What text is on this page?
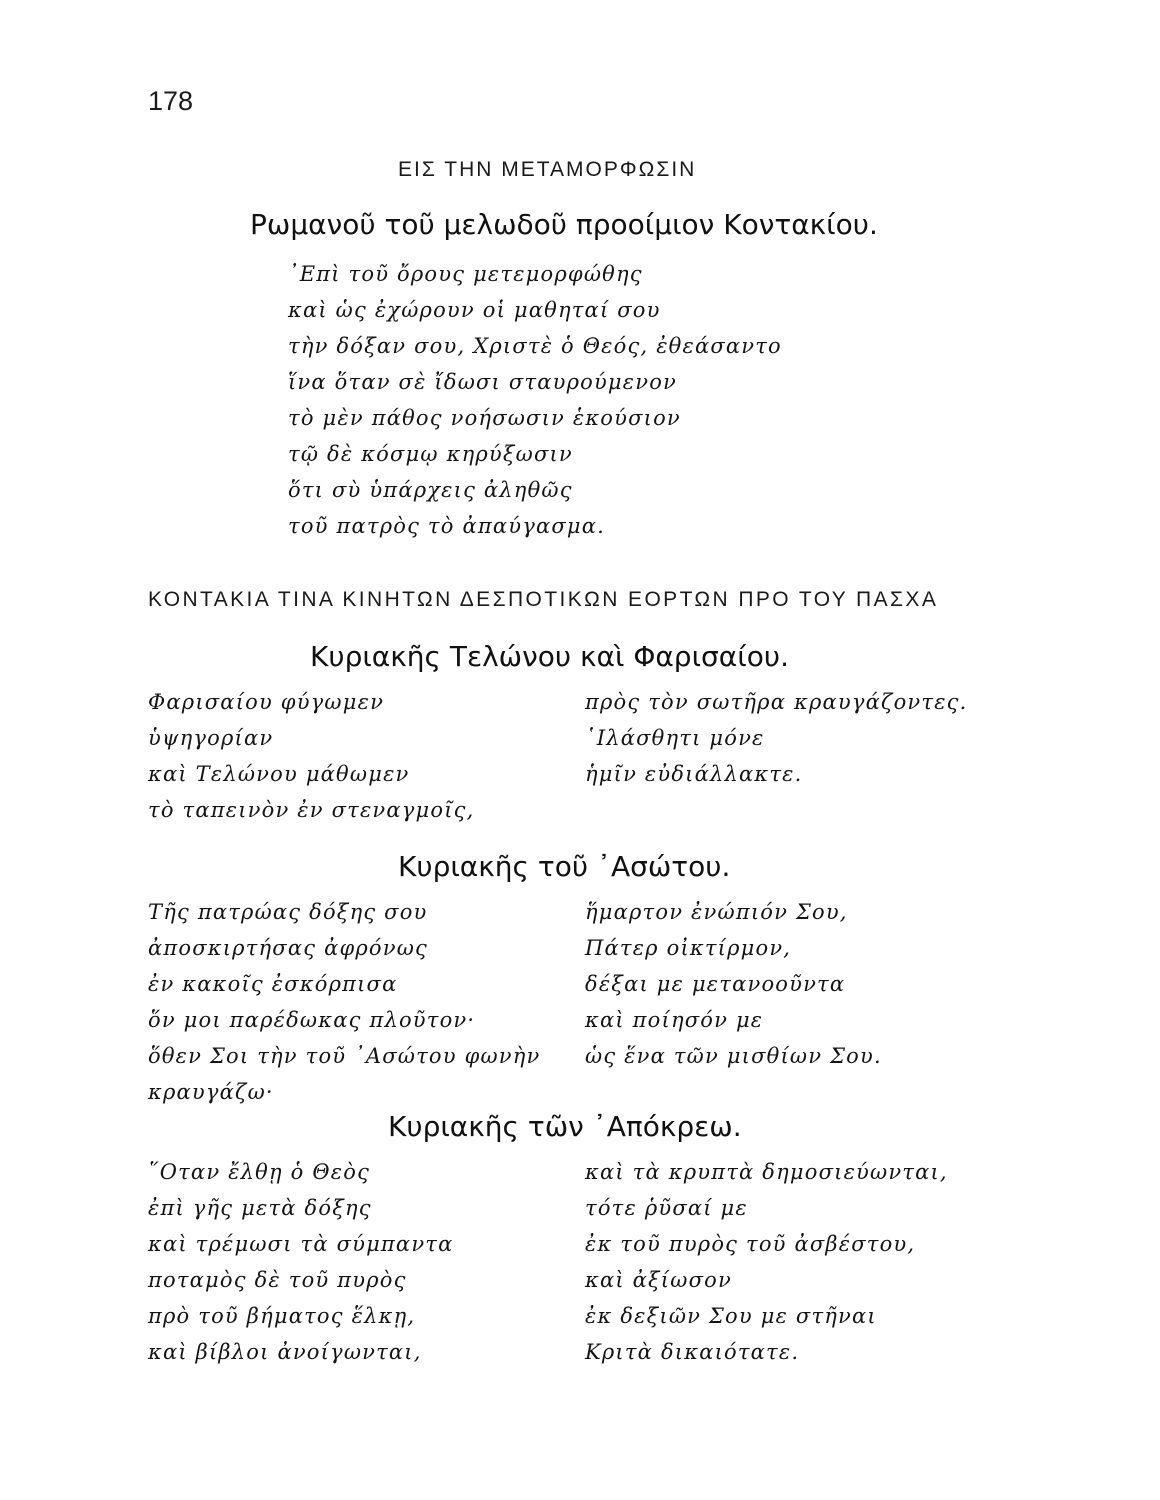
178
ΕΙΣ ΤΗΝ ΜΕΤΑΜΟΡΦΩΣΙΝ
Ρωμανοῦ τοῦ μελωδοῦ προοίμιον Κοντακίου.
᾿Επὶ τοῦ ὄρους μετεμορφώθης
καὶ ὡς ἐχώρουν οἱ μαθηταί σου
τὴν δόξαν σου, Χριστὲ ὁ Θεός, ἐθεάσαντο
ἵνα ὅταν σὲ ἴδωσι σταυρούμενον
τὸ μὲν πάθος νοήσωσιν ἑκούσιον
τῷ δὲ κόσμῳ κηρύξωσιν
ὅτι σὺ ὑπάρχεις ἀληθῶς
τοῦ πατρὸς τὸ ἀπαύγασμα.
ΚΟΝΤΑΚΙΑ ΤΙΝΑ ΚΙΝΗΤΩΝ ΔΕΣΠΟΤΙΚΩΝ ΕΟΡΤΩΝ ΠΡΟ ΤΟΥ ΠΑΣΧΑ
Κυριακῆς Τελώνου καὶ Φαρισαίου.
Φαρισαίου φύγωμεν
ὑψηγορίαν
καὶ Τελώνου μάθωμεν
τὸ ταπεινὸν ἐν στεναγμοῖς,
πρὸς τὸν σωτῆρα κραυγάζοντες.
῾Ιλάσθητι μόνε
ἡμῖν εὐδιάλλακτε.
Κυριακῆς τοῦ ᾿Ασώτου.
Τῆς πατρώας δόξης σου
ἀποσκιρτήσας ἀφρόνως
ἐν κακοῖς ἐσκόρπισα
ὅν μοι παρέδωκας πλοῦτον·
ὅθεν Σοι τὴν τοῦ ᾿Ασώτου φωνὴν
κραυγάζω·
ἥμαρτον ἐνώπιόν Σου,
Πάτερ οἰκτίρμον,
δέξαι με μετανοοῦντα
καὶ ποίησόν με
ὡς ἕνα τῶν μισθίων Σου.
Κυριακῆς τῶν ᾿Απόκρεω.
῞Οταν ἔλθῃ ὁ Θεὸς
ἐπὶ γῆς μετὰ δόξης
καὶ τρέμωσι τὰ σύμπαντα
ποταμὸς δὲ τοῦ πυρὸς
πρὸ τοῦ βήματος ἕλκῃ,
καὶ βίβλοι ἀνοίγωνται,
καὶ τὰ κρυπτὰ δημοσιεύωνται,
τότε ῥῦσαί με
ἐκ τοῦ πυρὸς τοῦ ἀσβέστου,
καὶ ἀξίωσον
ἐκ δεξιῶν Σου με στῆναι
Κριτὰ δικαιότατε.
